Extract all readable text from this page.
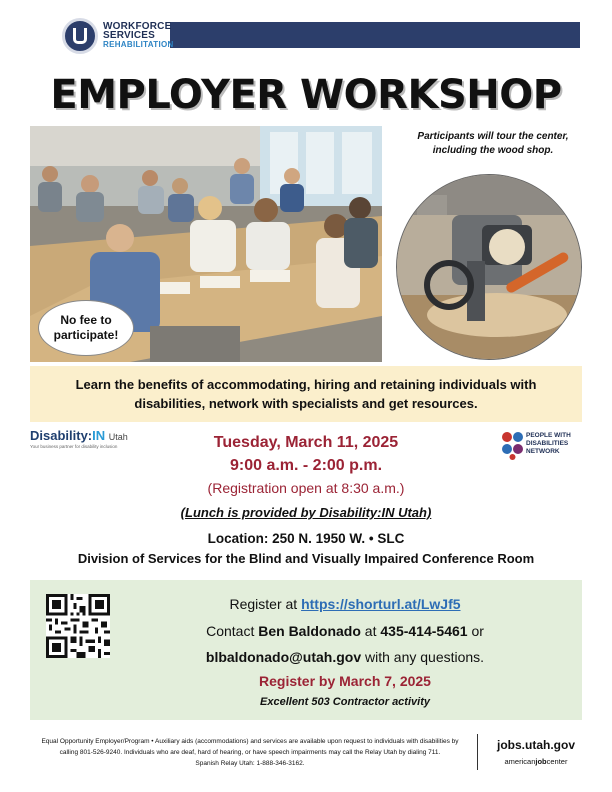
WORKFORCE
SERVICES
REHABILITATION
EMPLOYER WORKSHOP
No fee to participate!
Participants will tour the center, including the wood shop.

Learn the benefits of accommodating, hiring and retaining individuals with disabilities, network with specialists and get resources.

Disability:IN Utah
Your business partner for disability inclusion
PEOPLE WITH
DISABILITIES
NETWORK
Tuesday, March 11, 2025
9:00 a.m. - 2:00 p.m.
(Registration open at 8:30 a.m.)
(Lunch is provided by Disability:IN Utah)
Location: 250 N. 1950 W. • SLC
Division of Services for the Blind and Visually Impaired Conference Room
Register at https://shorturl.at/LwJf5
Contact Ben Baldonado at 435-414-5461 or
blbaldonado@utah.gov with any questions.
Register by March 7, 2025
Excellent 503 Contractor activity
Equal Opportunity Employer/Program • Auxiliary aids (accommodations) and services are available upon request to individuals with disabilities by
calling 801-526-9240. Individuals who are deaf, hard of hearing, or have speech impairments may call the Relay Utah by dialing 711.
Spanish Relay Utah: 1-888-346-3162.
jobs.utah.gov
americanjobcenter
